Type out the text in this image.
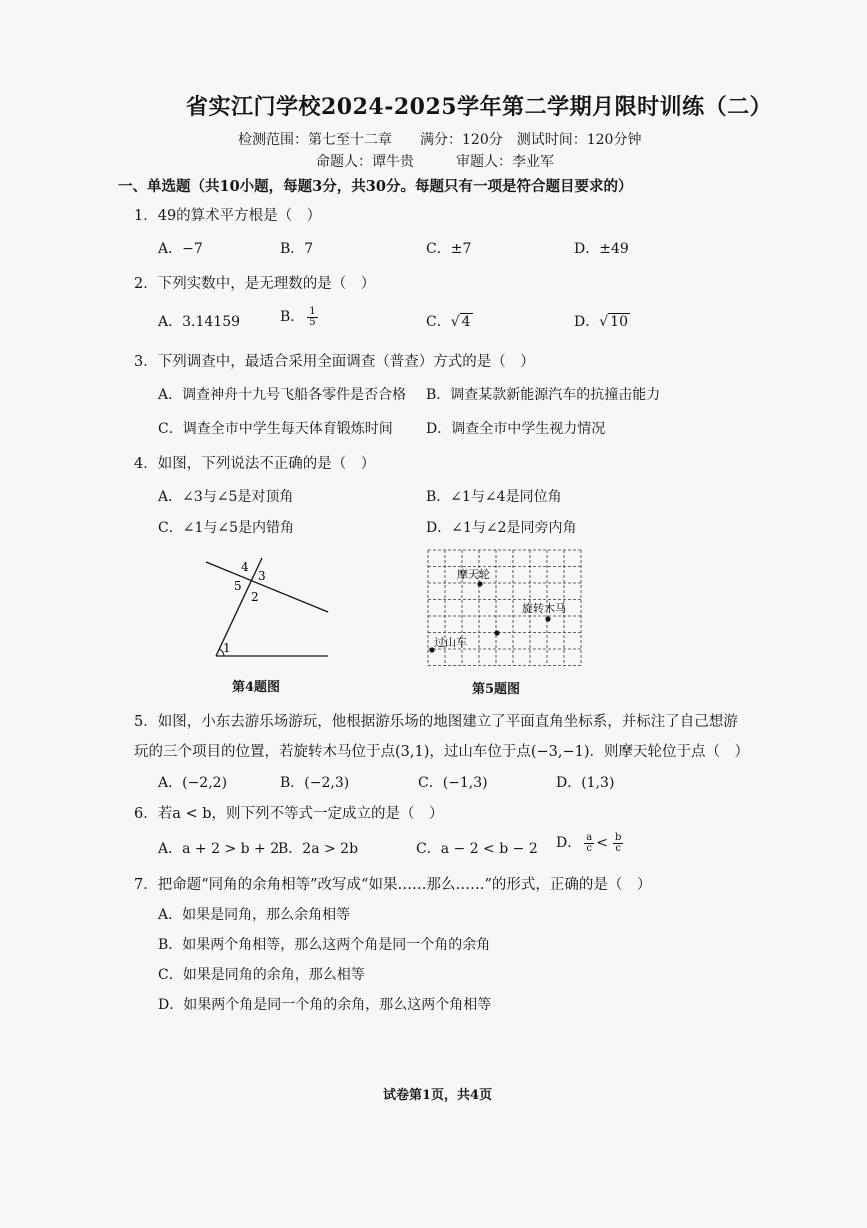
省实江门学校2024-2025学年第二学期月限时训练（二）
检测范围：第七至十二章　　满分：120分　测试时间：120分钟
命题人：谭牛贵　　　审题人：李业军
一、单选题（共10小题，每题3分，共30分。每题只有一项是符合题目要求的）
1．49的算术平方根是（　）
A．−7	B．7	C．±7	D．±49
2．下列实数中，是无理数的是（　）
A．3.14159	B． $\frac{1}{5}$	C．√ 4	D．√ 10
3．下列调查中，最适合采用全面调查（普查）方式的是（　）
A．调查神舟十九号飞船各零件是否合格 B．调查某款新能源汽车的抗撞击能力
C．调查全市中学生每天体育锻炼时间 D．调查全市中学生视力情况
4．如图，下列说法不正确的是（　）
A．∠3与∠5是对顶角	B．∠1与∠4是同位角
C．∠1与∠5是内错角	D．∠1与∠2是同旁内角
4
3
5
2
1
第4题图
摩天轮
旋转木马
过山车
第5题图
5．如图，小东去游乐场游玩，他根据游乐场的地图建立了平面直角坐标系，并标注了自己想游
玩的三个项目的位置，若旋转木马位于点(3,1)，过山车位于点(−3,−1)．则摩天轮位于点（　）
A．(−2,2)	B．(−2,3)	C．(−1,3)	D．(1,3)
6．若a < b，则下列不等式一定成立的是（　）
A．a + 2 > b + 2
B．2a > 2b	C．a − 2 < b − 2 D． $\frac{a}{c} < \frac{b}{c}$
7．把命题“同角的余角相等”改写成“如果……那么……”的形式，正确的是（　）
A．如果是同角，那么余角相等
B．如果两个角相等，那么这两个角是同一个角的余角
C．如果是同角的余角，那么相等
D．如果两个角是同一个角的余角，那么这两个角相等
试卷第1页，共4页
